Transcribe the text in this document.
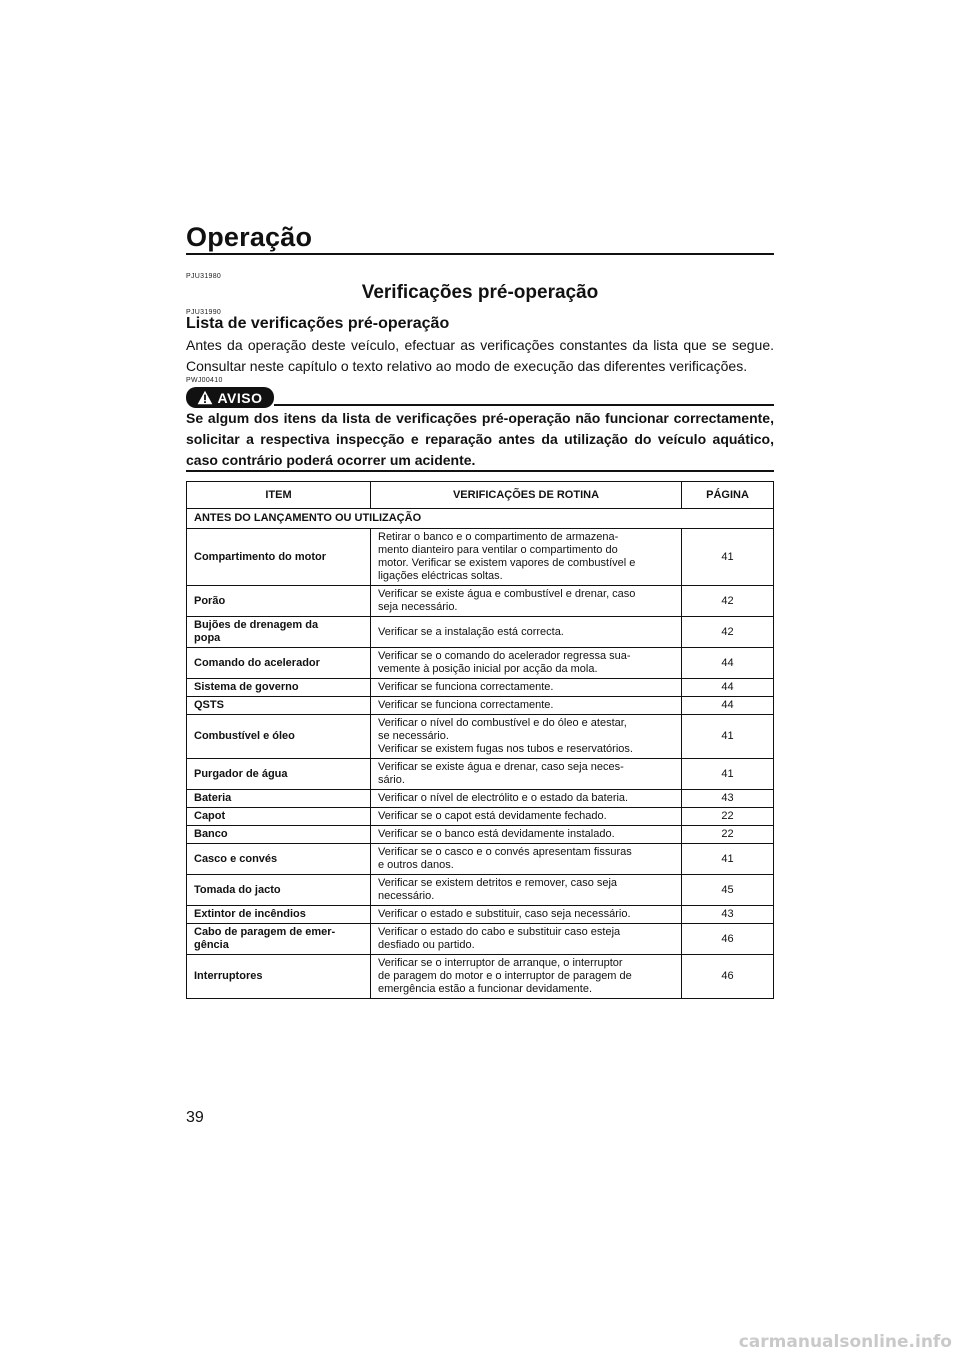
Operação
PJU31980
Verificações pré-operação
PJU31990
Lista de verificações pré-operação
Antes da operação deste veículo, efectuar as verificações constantes da lista que se segue. Consultar neste capítulo o texto relativo ao modo de execução das diferentes verificações.
PWJ00410
AVISO
Se algum dos itens da lista de verificações pré-operação não funcionar correctamente, solicitar a respectiva inspecção e reparação antes da utilização do veículo aquático, caso contrário poderá ocorrer um acidente.
ITEM	VERIFICAÇÕES DE ROTINA	PÁGINA
ANTES DO LANÇAMENTO OU UTILIZAÇÃO		
Compartimento do motor	Retirar o banco e o compartimento de armazena-
mento dianteiro para ventilar o compartimento do
motor. Verificar se existem vapores de combustível e
ligações eléctricas soltas.	41
Porão	Verificar se existe água e combustível e drenar, caso
seja necessário.	42
Bujões de drenagem da
popa	Verificar se a instalação está correcta.	42
Comando do acelerador	Verificar se o comando do acelerador regressa sua-
vemente à posição inicial por acção da mola.	44
Sistema de governo	Verificar se funciona correctamente.	44
QSTS	Verificar se funciona correctamente.	44
Combustível e óleo	Verificar o nível do combustível e do óleo e atestar,
se necessário.
Verificar se existem fugas nos tubos e reservatórios.	41
Purgador de água	Verificar se existe água e drenar, caso seja neces-
sário.	41
Bateria	Verificar o nível de electrólito e o estado da bateria.	43
Capot	Verificar se o capot está devidamente fechado.	22
Banco	Verificar se o banco está devidamente instalado.	22
Casco e convés	Verificar se o casco e o convés apresentam fissuras
e outros danos.	41
Tomada do jacto	Verificar se existem detritos e remover, caso seja
necessário.	45
Extintor de incêndios	Verificar o estado e substituir, caso seja necessário.	43
Cabo de paragem de emer-
gência	Verificar o estado do cabo e substituir caso esteja
desfiado ou partido.	46
Interruptores	Verificar se o interruptor de arranque, o interruptor
de paragem do motor e o interruptor de paragem de
emergência estão a funcionar devidamente.	46
39
carmanualsonline.info
